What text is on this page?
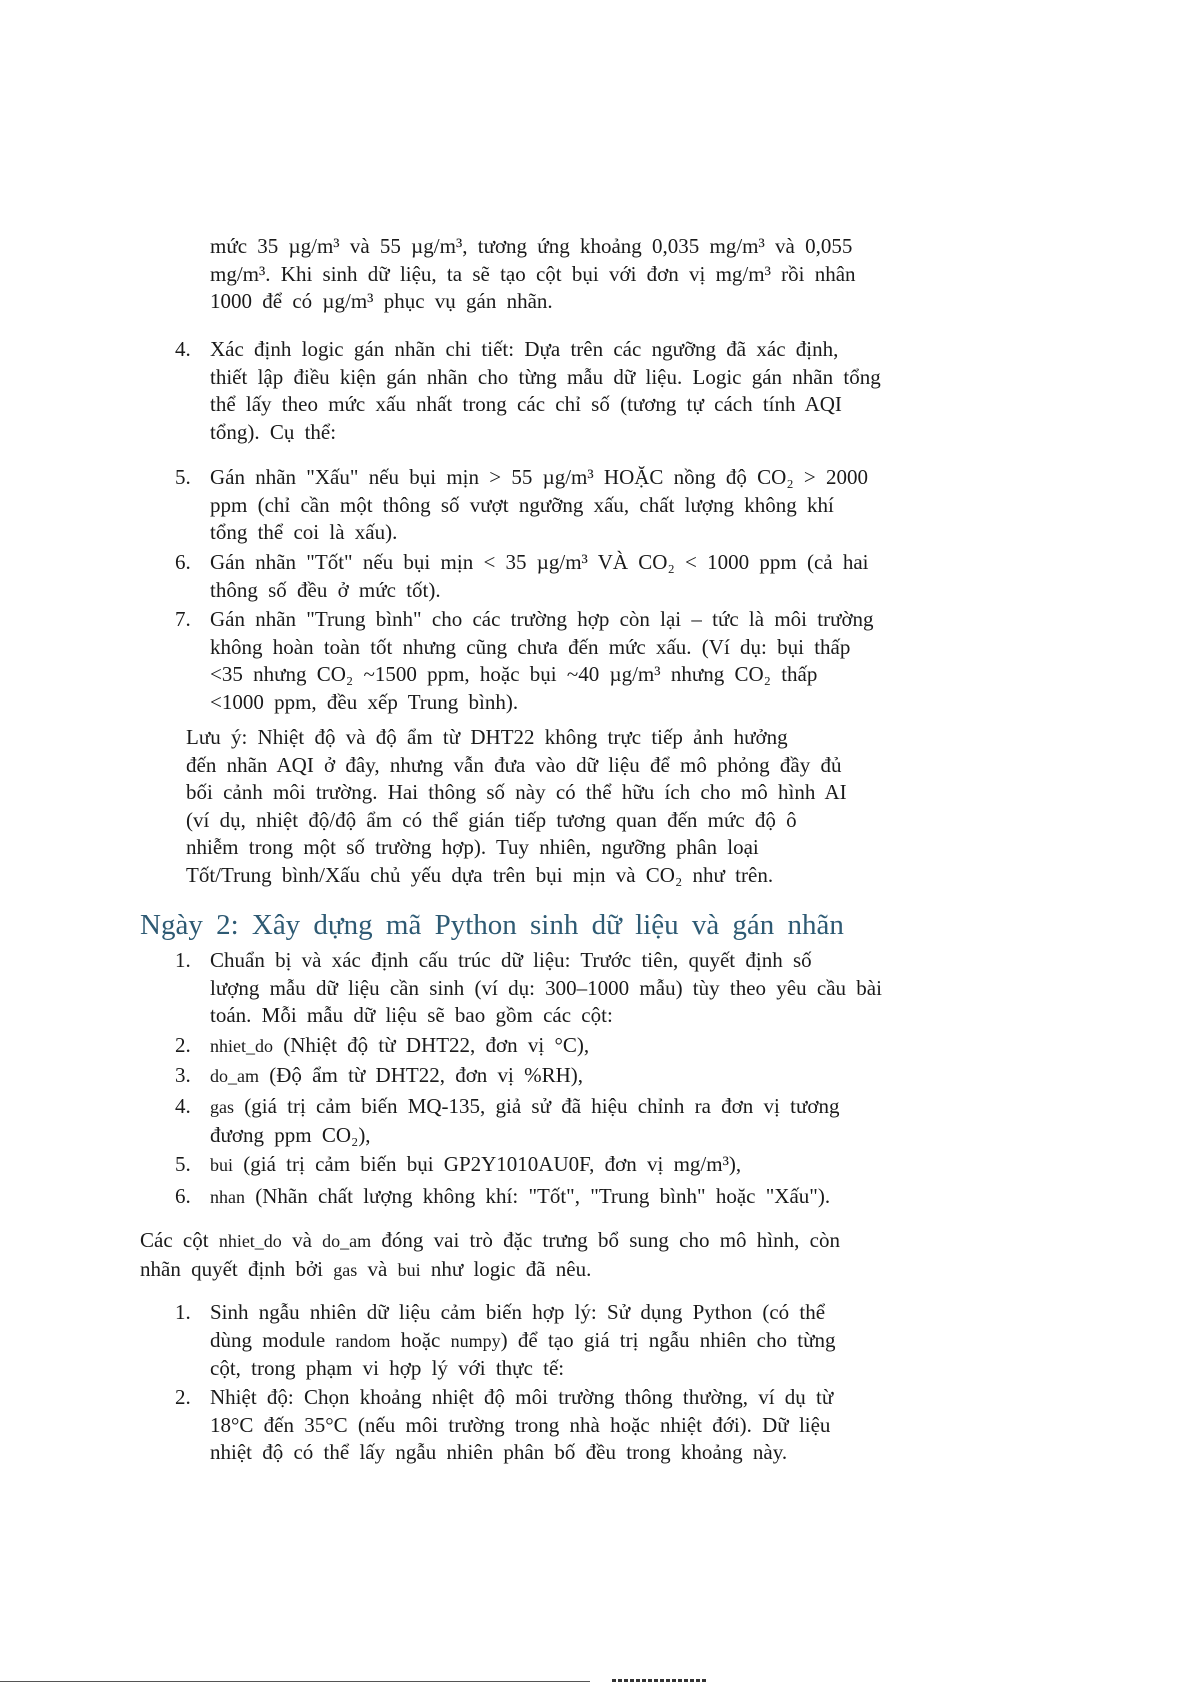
mức 35 µg/m³ và 55 µg/m³, tương ứng khoảng 0,035 mg/m³ và 0,055
mg/m³. Khi sinh dữ liệu, ta sẽ tạo cột bụi với đơn vị mg/m³ rồi nhân
1000 để có µg/m³ phục vụ gán nhãn.
4. Xác định logic gán nhãn chi tiết: Dựa trên các ngưỡng đã xác định,
thiết lập điều kiện gán nhãn cho từng mẫu dữ liệu. Logic gán nhãn tổng
thể lấy theo mức xấu nhất trong các chỉ số (tương tự cách tính AQI
tổng). Cụ thể:
5. Gán nhãn "Xấu" nếu bụi mịn > 55 µg/m³ HOẶC nồng độ CO₂ > 2000
ppm (chỉ cần một thông số vượt ngưỡng xấu, chất lượng không khí
tổng thể coi là xấu).
6. Gán nhãn "Tốt" nếu bụi mịn < 35 µg/m³ VÀ CO₂ < 1000 ppm (cả hai
thông số đều ở mức tốt).
7. Gán nhãn "Trung bình" cho các trường hợp còn lại – tức là môi trường
không hoàn toàn tốt nhưng cũng chưa đến mức xấu. (Ví dụ: bụi thấp
<35 nhưng CO₂ ~1500 ppm, hoặc bụi ~40 µg/m³ nhưng CO₂ thấp
<1000 ppm, đều xếp Trung bình).
Lưu ý: Nhiệt độ và độ ẩm từ DHT22 không trực tiếp ảnh hưởng
đến nhãn AQI ở đây, nhưng vẫn đưa vào dữ liệu để mô phỏng đầy đủ
bối cảnh môi trường. Hai thông số này có thể hữu ích cho mô hình AI
(ví dụ, nhiệt độ/độ ẩm có thể gián tiếp tương quan đến mức độ ô
nhiễm trong một số trường hợp). Tuy nhiên, ngưỡng phân loại
Tốt/Trung bình/Xấu chủ yếu dựa trên bụi mịn và CO₂ như trên.
Ngày 2: Xây dựng mã Python sinh dữ liệu và gán nhãn
1. Chuẩn bị và xác định cấu trúc dữ liệu: Trước tiên, quyết định số
lượng mẫu dữ liệu cần sinh (ví dụ: 300–1000 mẫu) tùy theo yêu cầu bài
toán. Mỗi mẫu dữ liệu sẽ bao gồm các cột:
2. nhiet_do (Nhiệt độ từ DHT22, đơn vị °C),
3. do_am (Độ ẩm từ DHT22, đơn vị %RH),
4. gas (giá trị cảm biến MQ-135, giả sử đã hiệu chỉnh ra đơn vị tương
đương ppm CO₂),
5. bui (giá trị cảm biến bụi GP2Y1010AU0F, đơn vị mg/m³),
6. nhan (Nhãn chất lượng không khí: "Tốt", "Trung bình" hoặc "Xấu").
Các cột nhiet_do và do_am đóng vai trò đặc trưng bổ sung cho mô hình, còn
nhãn quyết định bởi gas và bui như logic đã nêu.
1. Sinh ngẫu nhiên dữ liệu cảm biến hợp lý: Sử dụng Python (có thể
dùng module random hoặc numpy) để tạo giá trị ngẫu nhiên cho từng
cột, trong phạm vi hợp lý với thực tế:
2. Nhiệt độ: Chọn khoảng nhiệt độ môi trường thông thường, ví dụ từ
18°C đến 35°C (nếu môi trường trong nhà hoặc nhiệt đới). Dữ liệu
nhiệt độ có thể lấy ngẫu nhiên phân bố đều trong khoảng này.
